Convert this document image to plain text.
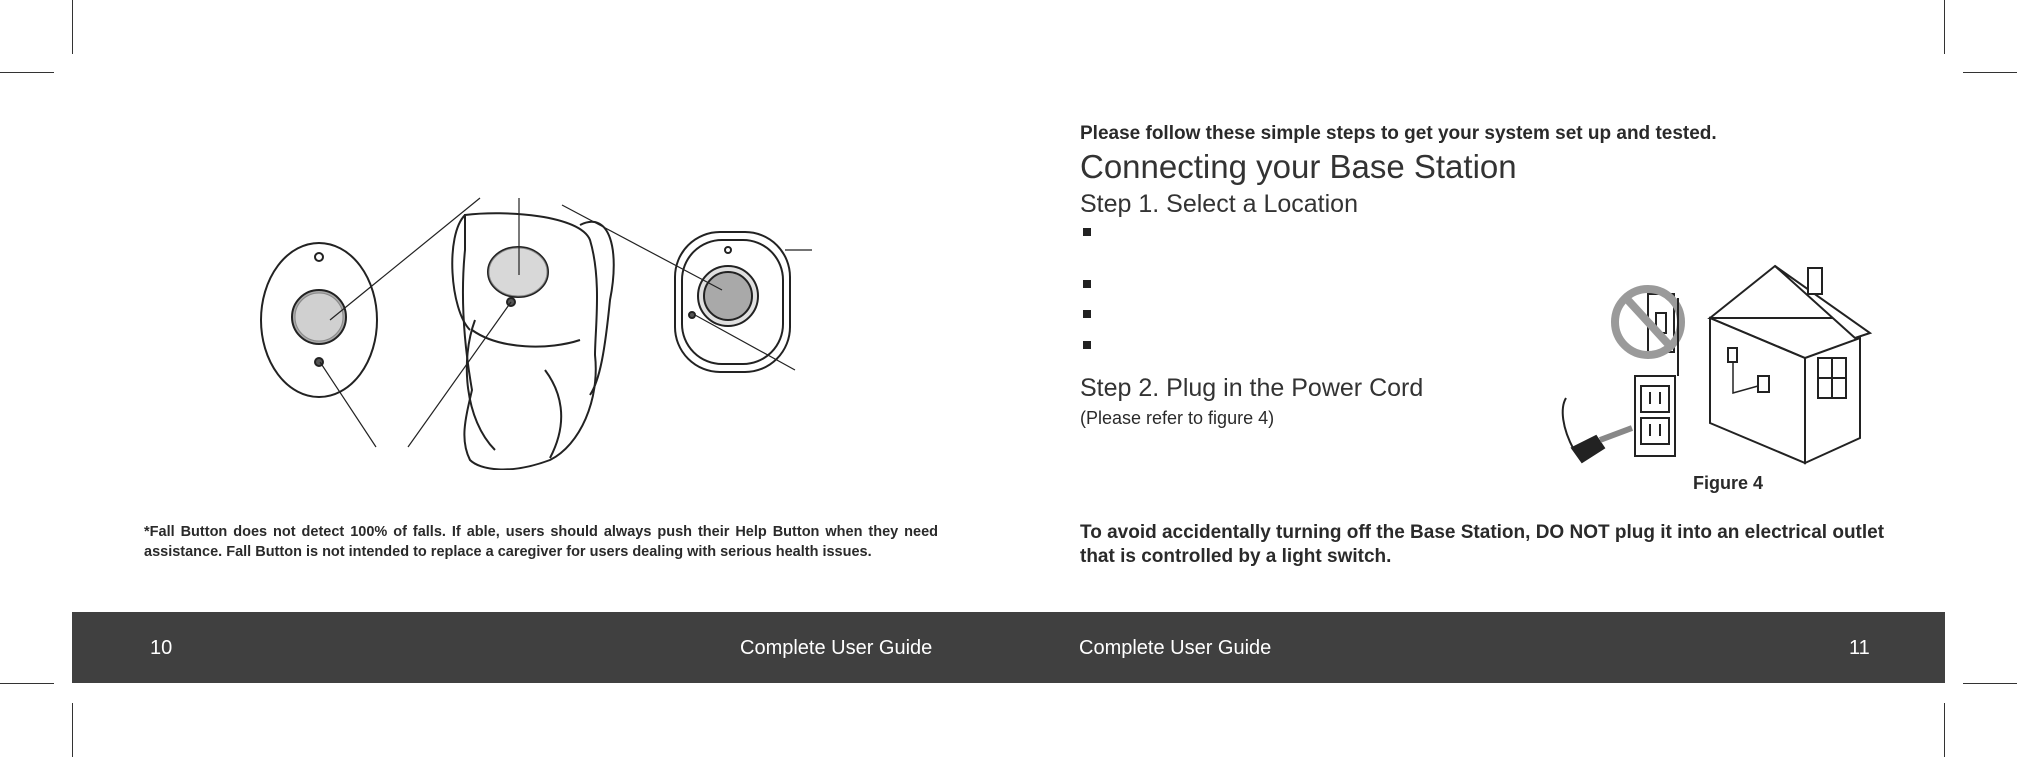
*Fall Button does not detect 100% of falls. If able, users should always push their Help Button when they need assistance. Fall Button is not intended to replace a caregiver for users dealing with serious health issues.
Please follow these simple steps to get your system set up and tested.
Connecting your Base Station
Step 1. Select a Location
Step 2. Plug in the Power Cord
(Please refer to figure 4)
Figure 4
To avoid accidentally turning off the Base Station, DO NOT plug it into an electrical outlet that is controlled by a light switch.
10	Complete User Guide	Complete User Guide	11
